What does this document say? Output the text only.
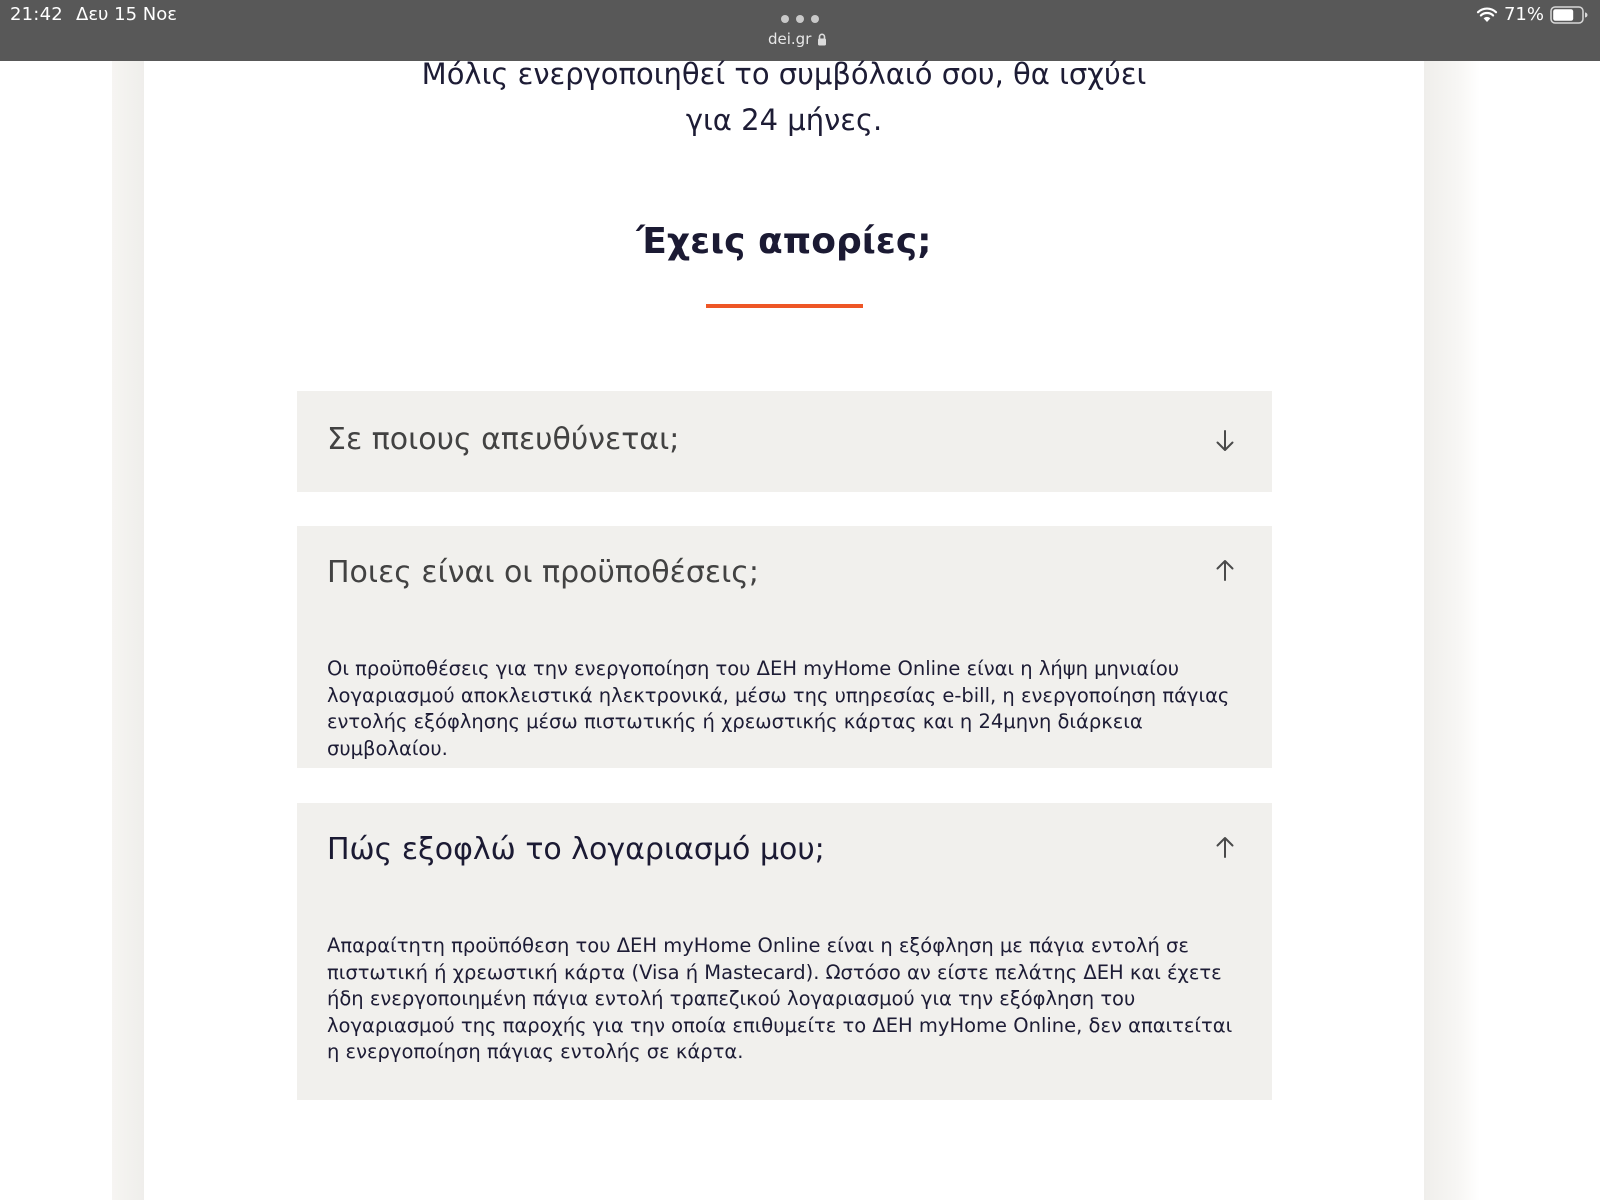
21:42 Δευ 15 Νοε
dei.gr
71%
Μόλις ενεργοποιηθεί το συμβόλαιό σου, θα ισχύει
για 24 μήνες.
Έχεις απορίες;
Σε ποιους απευθύνεται;
Ποιες είναι οι προϋποθέσεις;
Οι προϋποθέσεις για την ενεργοποίηση του ΔΕΗ myHome Online είναι η λήψη μηνιαίου λογαριασμού αποκλειστικά ηλεκτρονικά, μέσω της υπηρεσίας e-bill, η ενεργοποίηση πάγιας εντολής εξόφλησης μέσω πιστωτικής ή χρεωστικής κάρτας και η 24μηνη διάρκεια συμβολαίου.
Πώς εξοφλώ το λογαριασμό μου;
Απαραίτητη προϋπόθεση του ΔΕΗ myHome Online είναι η εξόφληση με πάγια εντολή σε πιστωτική ή χρεωστική κάρτα (Visa ή Mastecard). Ωστόσο αν είστε πελάτης ΔΕΗ και έχετε ήδη ενεργοποιημένη πάγια εντολή τραπεζικού λογαριασμού για την εξόφληση του λογαριασμού της παροχής για την οποία επιθυμείτε το ΔΕΗ myHome Online, δεν απαιτείται η ενεργοποίηση πάγιας εντολής σε κάρτα.
